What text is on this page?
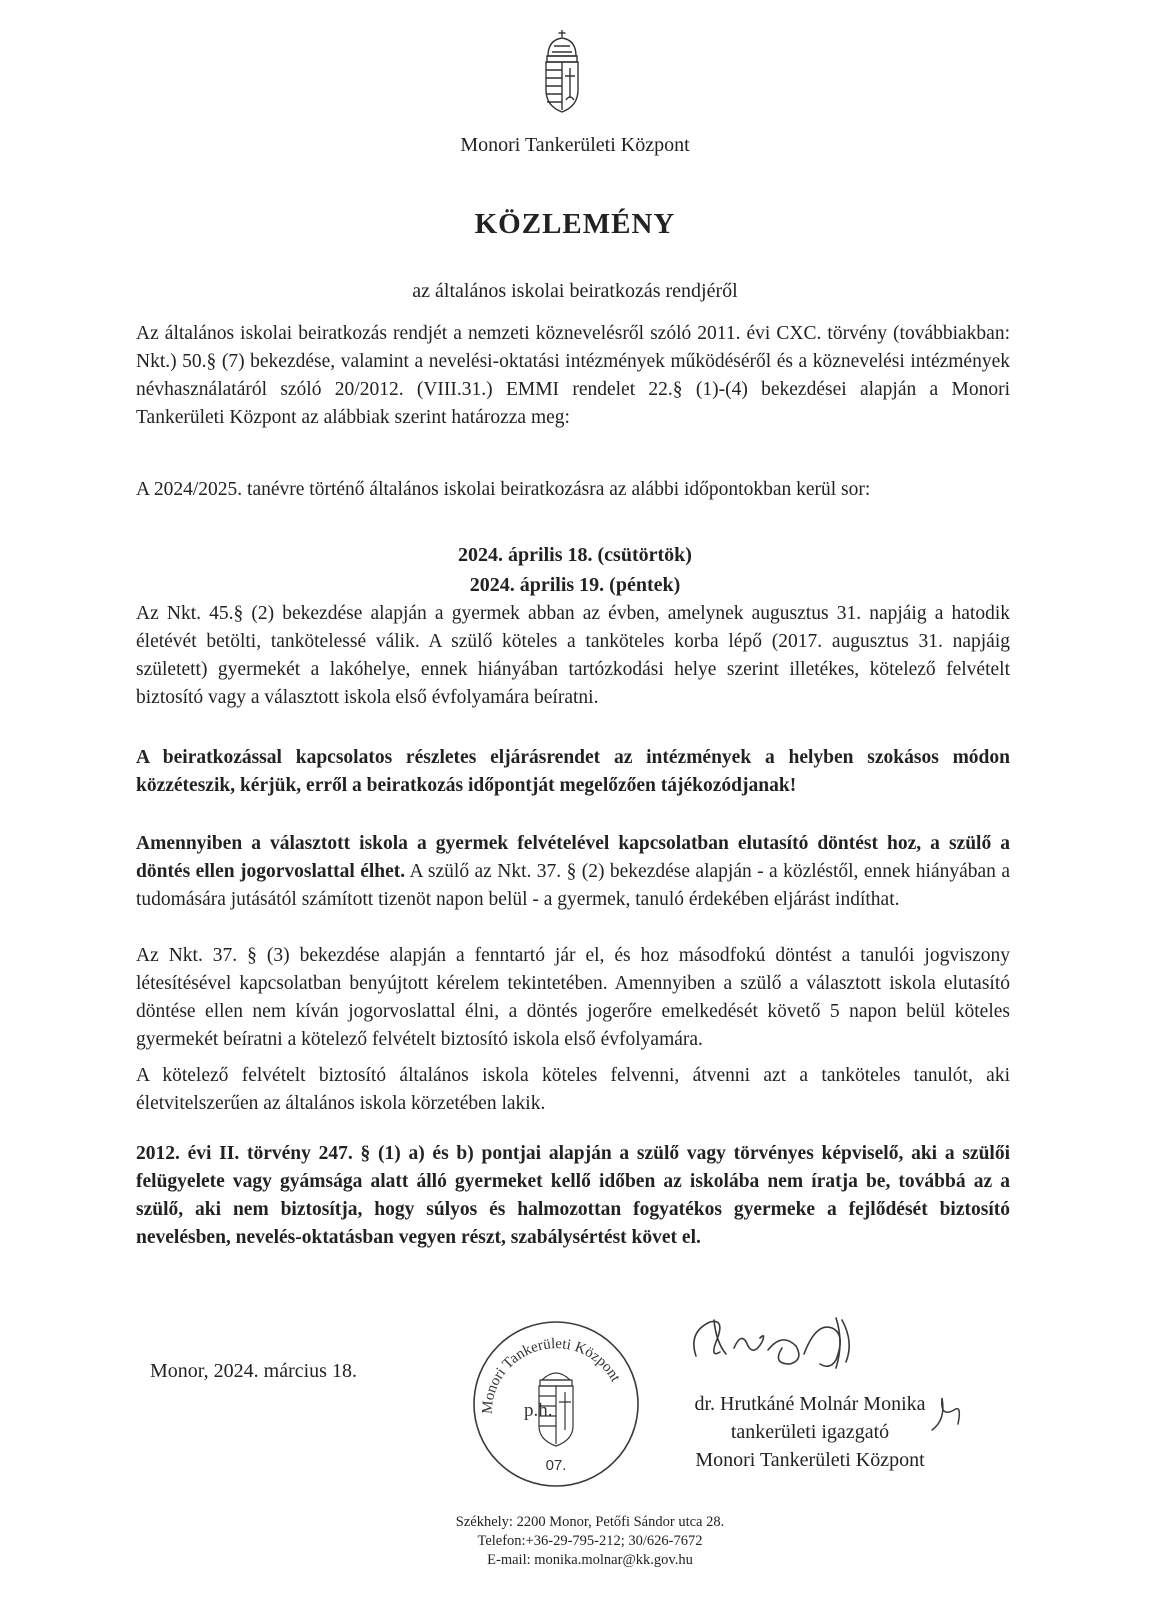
Monori Tankerületi Központ
KÖZLEMÉNY
az általános iskolai beiratkozás rendjéről
Az általános iskolai beiratkozás rendjét a nemzeti köznevelésről szóló 2011. évi CXC. törvény (továbbiakban: Nkt.) 50.§ (7) bekezdése, valamint a nevelési-oktatási intézmények működéséről és a köznevelési intézmények névhasználatáról szóló 20/2012. (VIII.31.) EMMI rendelet 22.§ (1)-(4) bekezdései alapján a Monori Tankerületi Központ az alábbiak szerint határozza meg:
A 2024/2025. tanévre történő általános iskolai beiratkozásra az alábbi időpontokban kerül sor:
2024. április 18. (csütörtök)
2024. április 19. (péntek)
Az Nkt. 45.§ (2) bekezdése alapján a gyermek abban az évben, amelynek augusztus 31. napjáig a hatodik életévét betölti, tankötelessé válik. A szülő köteles a tanköteles korba lépő (2017. augusztus 31. napjáig született) gyermekét a lakóhelye, ennek hiányában tartózkodási helye szerint illetékes, kötelező felvételt biztosító vagy a választott iskola első évfolyamára beíratni.
A beiratkozással kapcsolatos részletes eljárásrendet az intézmények a helyben szokásos módon közzéteszik, kérjük, erről a beiratkozás időpontját megelőzően tájékozódjanak!
Amennyiben a választott iskola a gyermek felvételével kapcsolatban elutasító döntést hoz, a szülő a döntés ellen jogorvoslattal élhet. A szülő az Nkt. 37. § (2) bekezdése alapján - a közléstől, ennek hiányában a tudomására jutásától számított tizenöt napon belül - a gyermek, tanuló érdekében eljárást indíthat.
Az Nkt. 37. § (3) bekezdése alapján a fenntartó jár el, és hoz másodfokú döntést a tanulói jogviszony létesítésével kapcsolatban benyújtott kérelem tekintetében. Amennyiben a szülő a választott iskola elutasító döntése ellen nem kíván jogorvoslattal élni, a döntés jogerőre emelkedését követő 5 napon belül köteles gyermekét beíratni a kötelező felvételt biztosító iskola első évfolyamára.
A kötelező felvételt biztosító általános iskola köteles felvenni, átvenni azt a tanköteles tanulót, aki életvitelszerűen az általános iskola körzetében lakik.
2012. évi II. törvény 247. § (1) a) és b) pontjai alapján a szülő vagy törvényes képviselő, aki a szülői felügyelete vagy gyámsága alatt álló gyermeket kellő időben az iskolába nem íratja be, továbbá az a szülő, aki nem biztosítja, hogy súlyos és halmozottan fogyatékos gyermeke a fejlődését biztosító nevelésben, nevelés-oktatásban vegyen részt, szabálysértést követ el.
Monor, 2024. március 18.
Monori Tankerületi Központ
p.h.
07.
dr. Hrutkáné Molnár Monika
tankerületi igazgató
Monori Tankerületi Központ
Székhely: 2200 Monor, Petőfi Sándor utca 28.
Telefon:+36-29-795-212; 30/626-7672
E-mail: monika.molnar@kk.gov.hu
